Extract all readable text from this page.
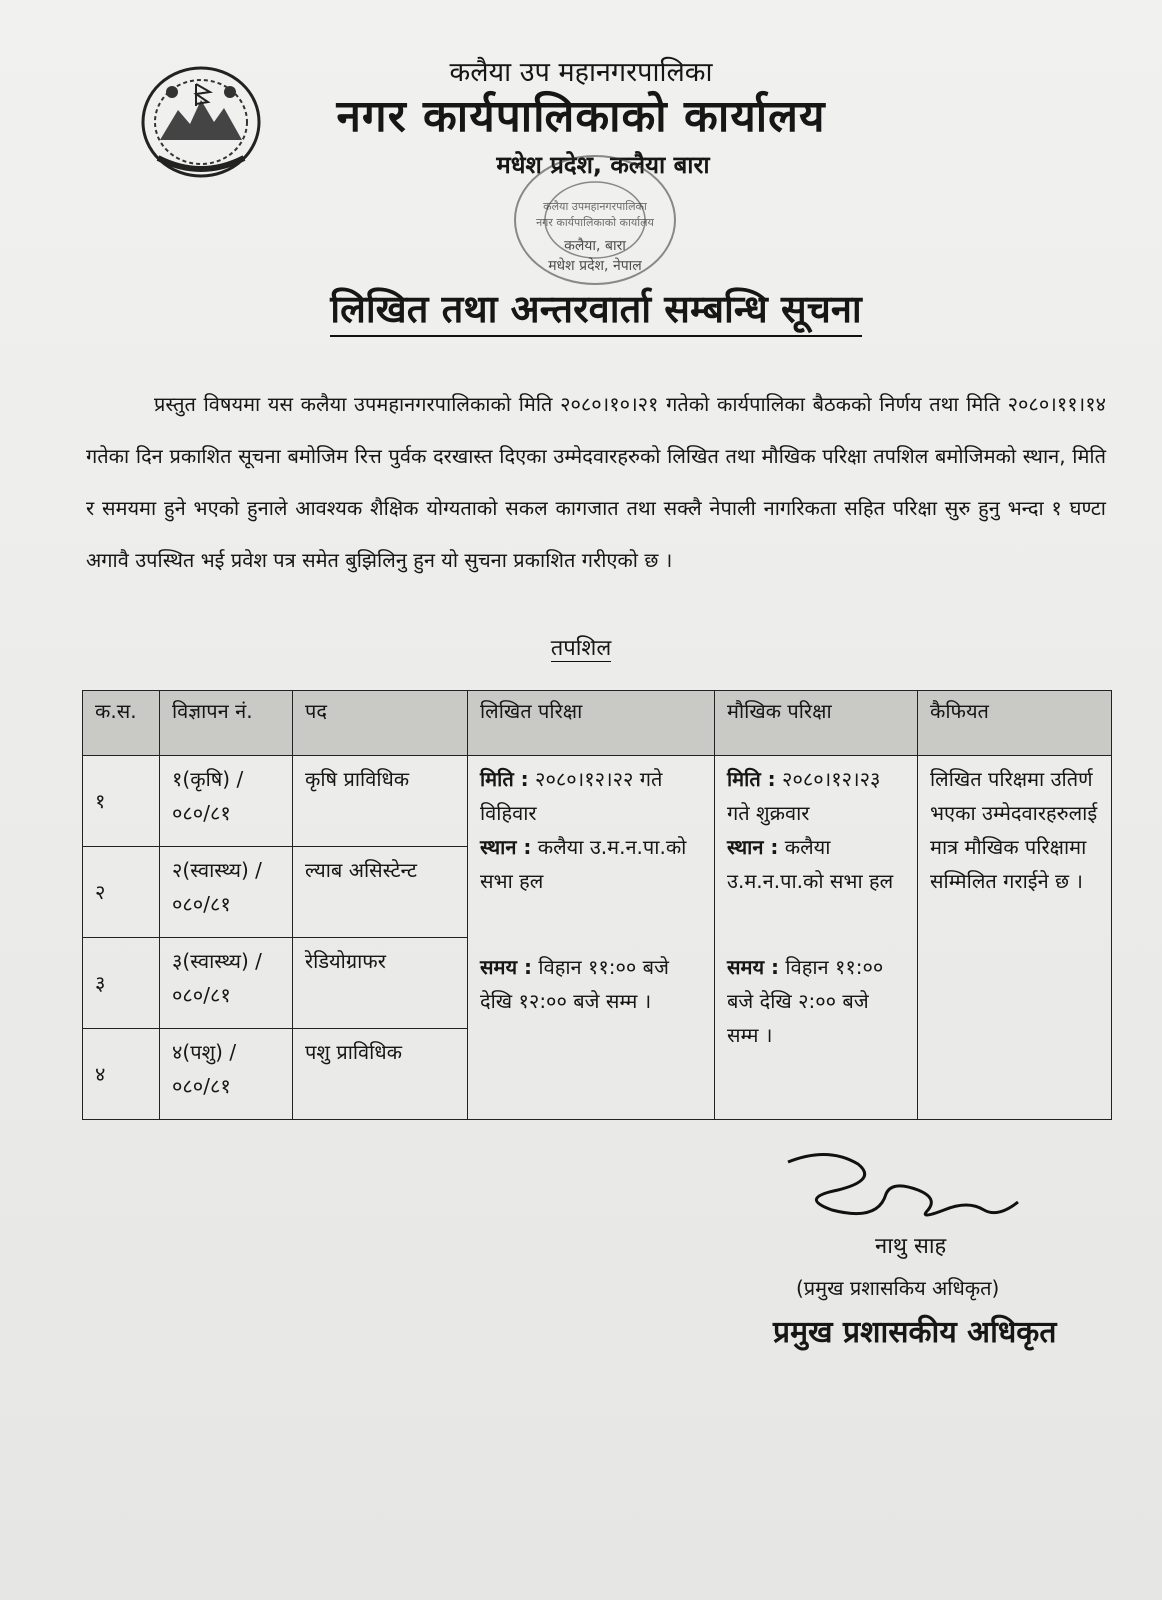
कलैया उप महानगरपालिका
नगर कार्यपालिकाको कार्यालय
मधेश प्रदेश, कलैया बारा
कलैया उपमहानगरपालिका
नगर कार्यपालिकाको कार्यालय
कलैया, बारा
मधेश प्रदेश, नेपाल
लिखित तथा अन्तरवार्ता सम्बन्धि सूचना
प्रस्तुत विषयमा यस कलैया उपमहानगरपालिकाको मिति २०८०।१०।२१ गतेको कार्यपालिका बैठकको निर्णय तथा मिति २०८०।११।१४ गतेका दिन प्रकाशित सूचना बमोजिम रित्त पुर्वक दरखास्त दिएका उम्मेदवारहरुको लिखित तथा मौखिक परिक्षा तपशिल बमोजिमको स्थान, मिति र समयमा हुने भएको हुनाले आवश्यक शैक्षिक योग्यताको सकल कागजात तथा सक्लै नेपाली नागरिकता सहित परिक्षा सुरु हुनु भन्दा १ घण्टा अगावै उपस्थित भई प्रवेश पत्र समेत बुझिलिनु हुन यो सुचना प्रकाशित गरीएको छ ।
तपशिल
क.स.	विज्ञापन नं.	पद	लिखित परिक्षा	मौखिक परिक्षा	कैफियत
१	१(कृषि) /०८०/८१	कृषि प्राविधिक	मिति : २०८०।१२।२२ गते विहिवार
स्थान : कलैया उ.म.न.पा.को सभा हल
समय : विहान ११:०० बजे देखि १२:०० बजे सम्म ।	मिति : २०८०।१२।२३ गते शुक्रवार
स्थान : कलैया उ.म.न.पा.को सभा हल
समय : विहान ११:०० बजे देखि २:०० बजे सम्म ।	लिखित परिक्षमा उतिर्ण भएका उम्मेदवारहरुलाई मात्र मौखिक परिक्षामा सम्मिलित गराईने छ ।
२	२(स्वास्थ्य) /०८०/८१	ल्याब असिस्टेन्ट			
३	३(स्वास्थ्य) /०८०/८१	रेडियोग्राफर			
४	४(पशु) /०८०/८१	पशु प्राविधिक			
नाथु साह
(प्रमुख प्रशासकिय अधिकृत)
प्रमुख प्रशासकीय अधिकृत
